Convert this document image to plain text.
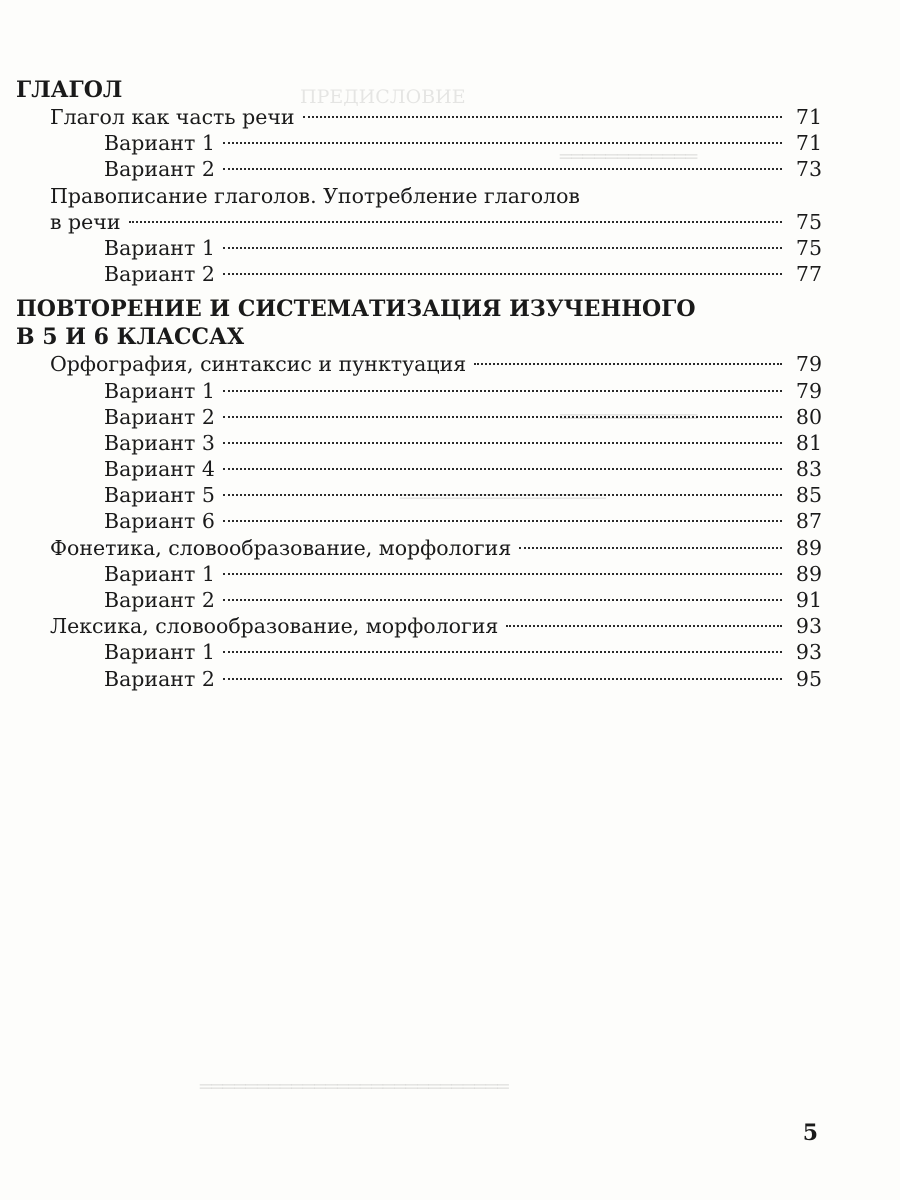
ПРЕДИСЛОВИЕ
════════════
════════════
══════════════════
═══════════════════════════
ГЛАГОЛ
Глагол как часть речи	71
Вариант 1	71
Вариант 2	73
Правописание глаголов. Употребление глаголов
в речи	75
Вариант 1	75
Вариант 2	77
ПОВТОРЕНИЕ И СИСТЕМАТИЗАЦИЯ ИЗУЧЕННОГО
В 5 И 6 КЛАССАХ
Орфография, синтаксис и пунктуация	79
Вариант 1	79
Вариант 2	80
Вариант 3	81
Вариант 4	83
Вариант 5	85
Вариант 6	87
Фонетика, словообразование, морфология	89
Вариант 1	89
Вариант 2	91
Лексика, словообразование, морфология	93
Вариант 1	93
Вариант 2	95
5
